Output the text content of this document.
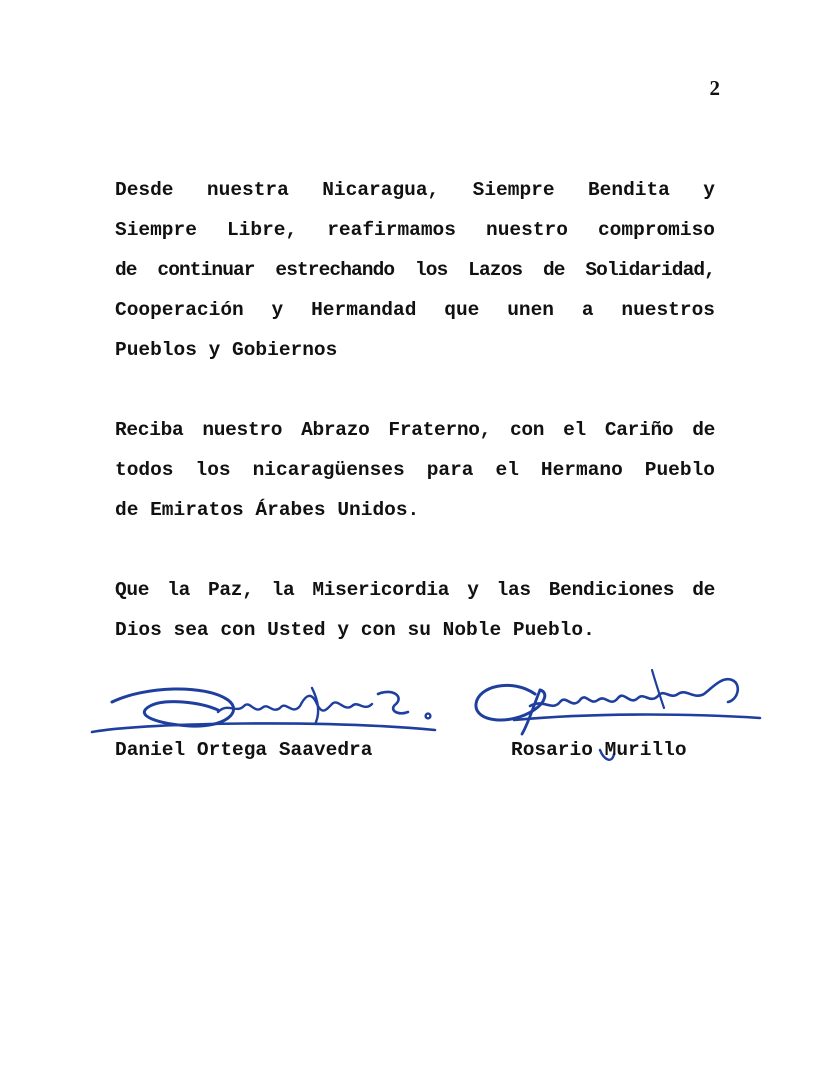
2
Desde nuestra Nicaragua, Siempre Bendita y
Siempre Libre, reafirmamos nuestro compromiso
de continuar estrechando los Lazos de Solidaridad,
Cooperación y Hermandad que unen a nuestros
Pueblos y Gobiernos
Reciba nuestro Abrazo Fraterno, con el Cariño de
todos los nicaragüenses para el Hermano Pueblo
de Emiratos Árabes Unidos.
Que la Paz, la Misericordia y las Bendiciones de
Dios sea con Usted y con su Noble Pueblo.
Daniel Ortega Saavedra	Rosario Murillo
